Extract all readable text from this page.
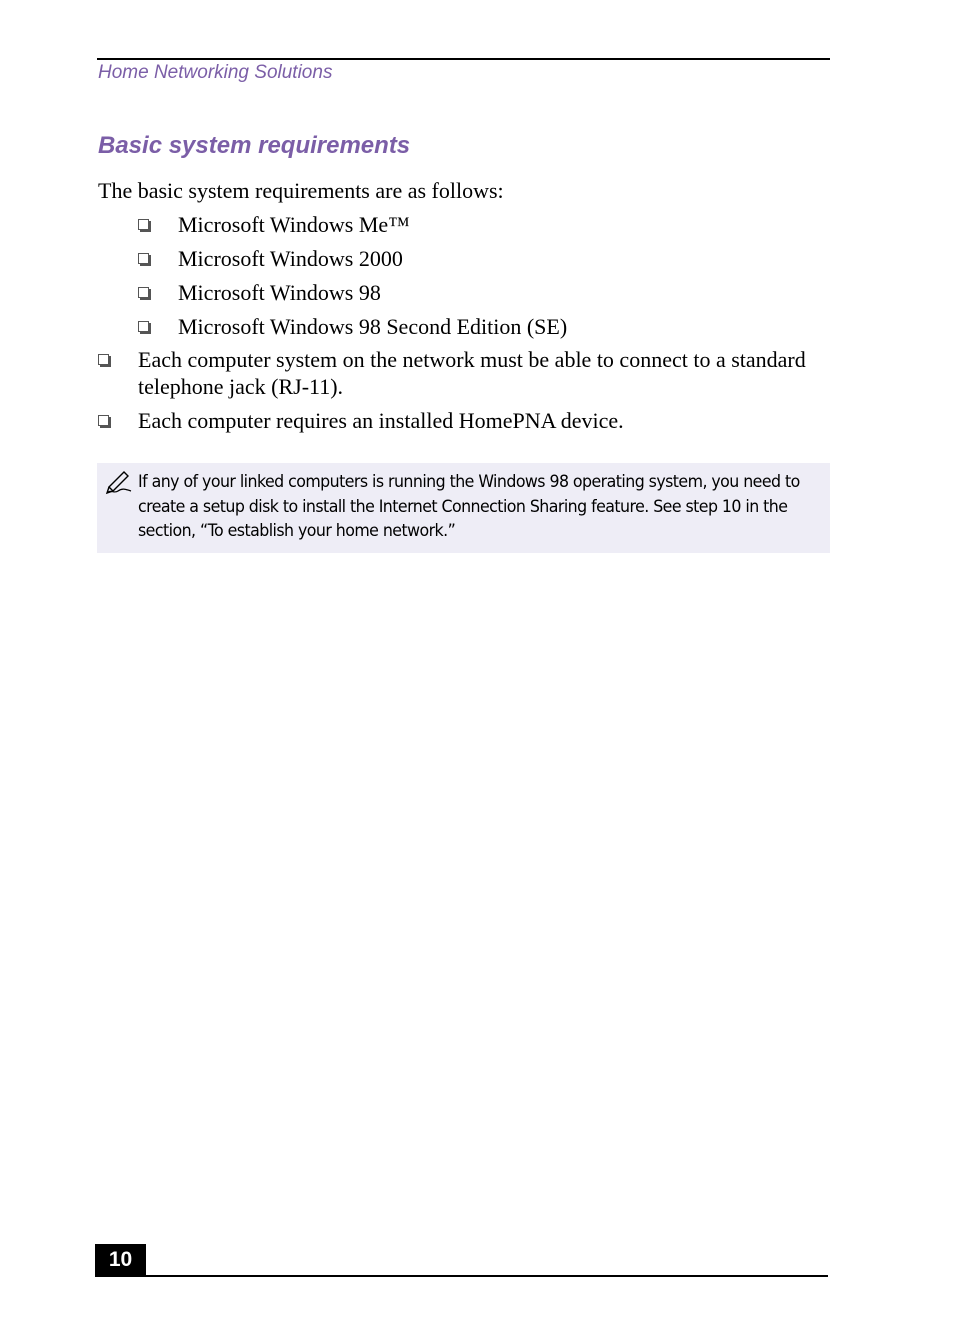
Home Networking Solutions
Basic system requirements
The basic system requirements are as follows:
Microsoft Windows Me™
Microsoft Windows 2000
Microsoft Windows 98
Microsoft Windows 98 Second Edition (SE)
Each computer system on the network must be able to connect to a standard telephone jack (RJ-11).
Each computer requires an installed HomePNA device.
If any of your linked computers is running the Windows 98 operating system, you need to create a setup disk to install the Internet Connection Sharing feature. See step 10 in the section, “To establish your home network.”
10
